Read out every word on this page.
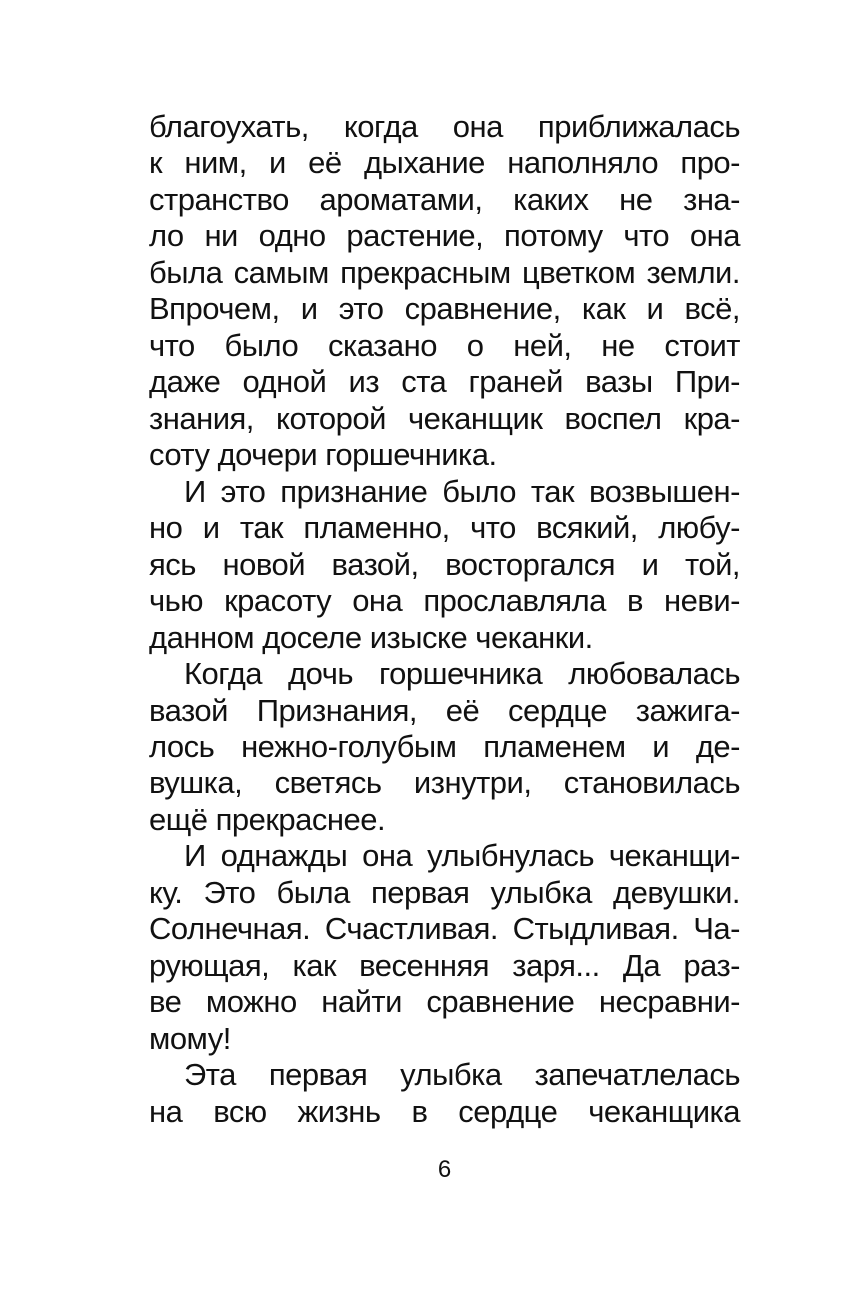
благоухать, когда она приближалась
к ним, и её дыхание наполняло про-
странство ароматами, каких не зна-
ло ни одно растение, потому что она
была самым прекрасным цветком земли.
Впрочем, и это сравнение, как и всё,
что было сказано о ней, не стоит
даже одной из ста граней вазы При-
знания, которой чеканщик воспел кра-
соту дочери горшечника.
И это признание было так возвышен-
но и так пламенно, что всякий, любу-
ясь новой вазой, восторгался и той,
чью красоту она прославляла в неви-
данном доселе изыске чеканки.
Когда дочь горшечника любовалась
вазой Признания, её сердце зажига-
лось нежно-голубым пламенем и де-
вушка, светясь изнутри, становилась
ещё прекраснее.
И однажды она улыбнулась чеканщи-
ку. Это была первая улыбка девушки.
Солнечная. Счастливая. Стыдливая. Ча-
рующая, как весенняя заря... Да раз-
ве можно найти сравнение несравни-
мому!
Эта первая улыбка запечатлелась
на всю жизнь в сердце чеканщика
6
